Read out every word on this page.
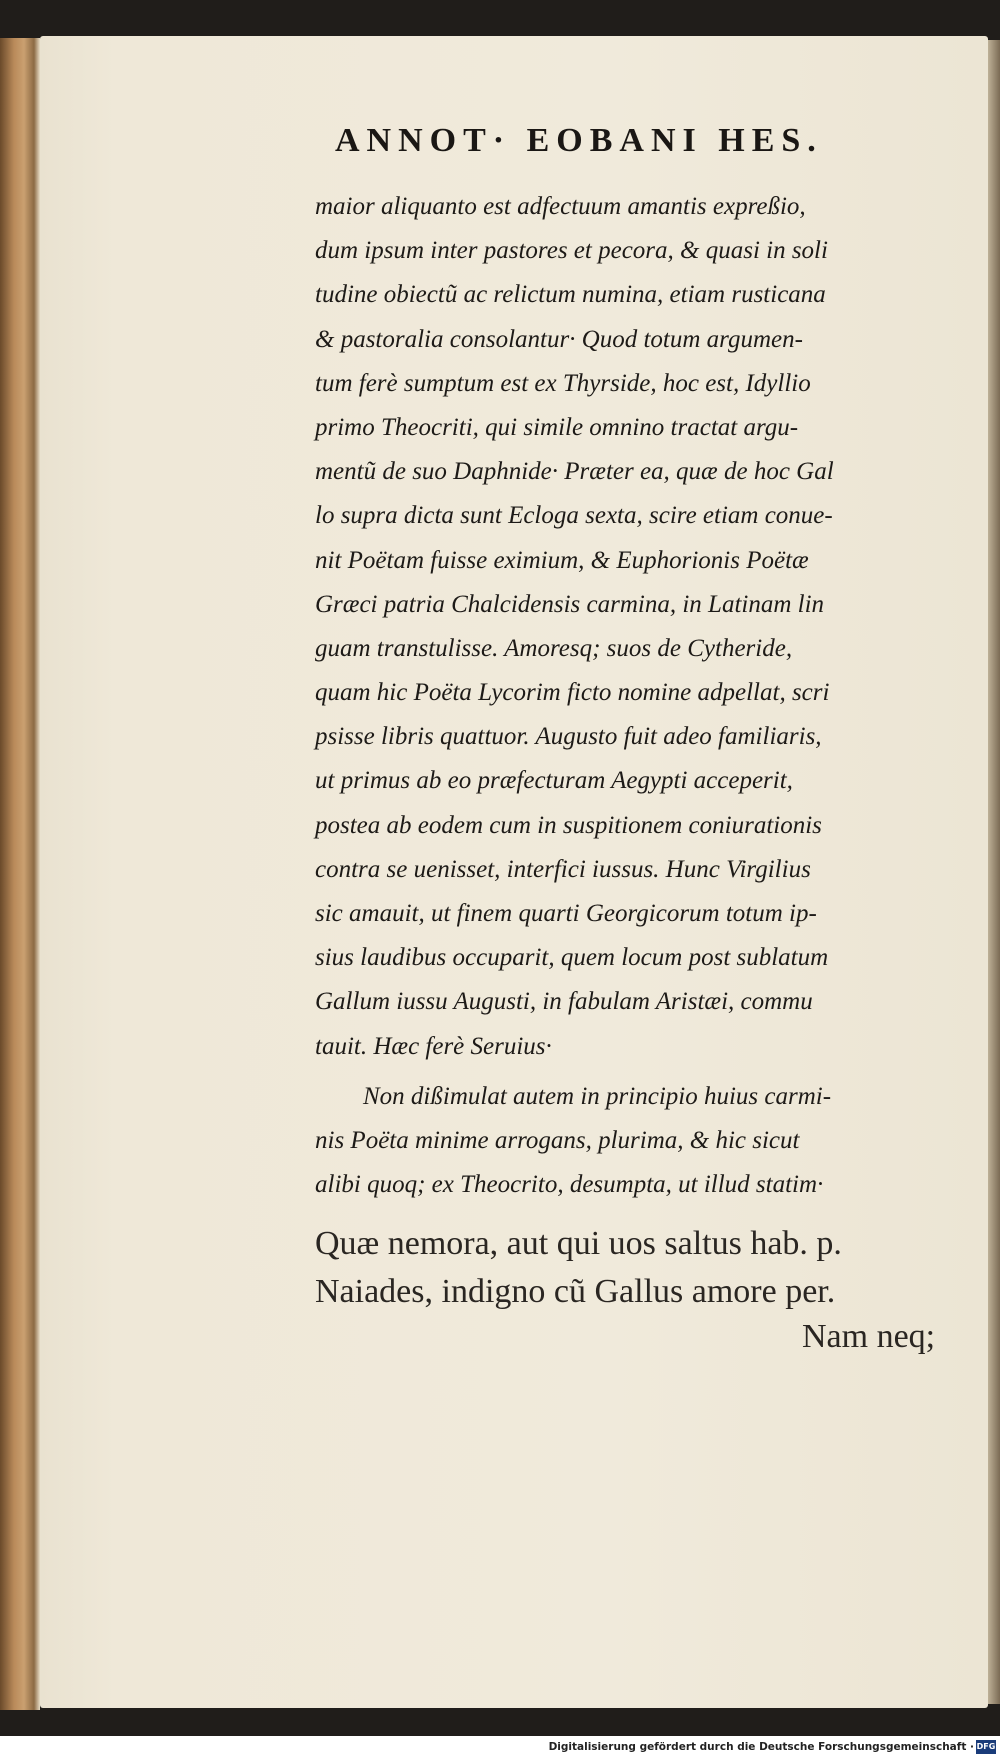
ANNOT· EOBANI HES.
maior aliquanto est adfectuum amantis expreßio,
dum ipsum inter pastores et pecora, & quasi in soli
tudine obiectũ ac relictum numina, etiam rusticana
& pastoralia consolantur· Quod totum argumen-
tum ferè sumptum est ex Thyrside, hoc est, Idyllio
primo Theocriti, qui simile omnino tractat argu-
mentũ de suo Daphnide· Præter ea, quæ de hoc Gal
lo supra dicta sunt Ecloga sexta, scire etiam conue-
nit Poëtam fuisse eximium, & Euphorionis Poëtæ
Græci patria Chalcidensis carmina, in Latinam lin
guam transtulisse. Amoresq; suos de Cytheride,
quam hic Poëta Lycorim ficto nomine adpellat, scri
psisse libris quattuor. Augusto fuit adeo familiaris,
ut primus ab eo præfecturam Aegypti acceperit,
postea ab eodem cum in suspitionem coniurationis
contra se uenisset, interfici iussus. Hunc Virgilius
sic amauit, ut finem quarti Georgicorum totum ip-
sius laudibus occuparit, quem locum post sublatum
Gallum iussu Augusti, in fabulam Aristæi, commu
tauit. Hæc ferè Seruius·
Non dißimulat autem in principio huius carmi-
nis Poëta minime arrogans, plurima, & hic sicut
alibi quoq; ex Theocrito, desumpta, ut illud statim·
Quæ nemora, aut qui uos saltus hab. p.
Naiades, indigno cũ Gallus amore per.
Nam neq;
Digitalisierung gefördert durch die Deutsche Forschungsgemeinschaft · DFG
